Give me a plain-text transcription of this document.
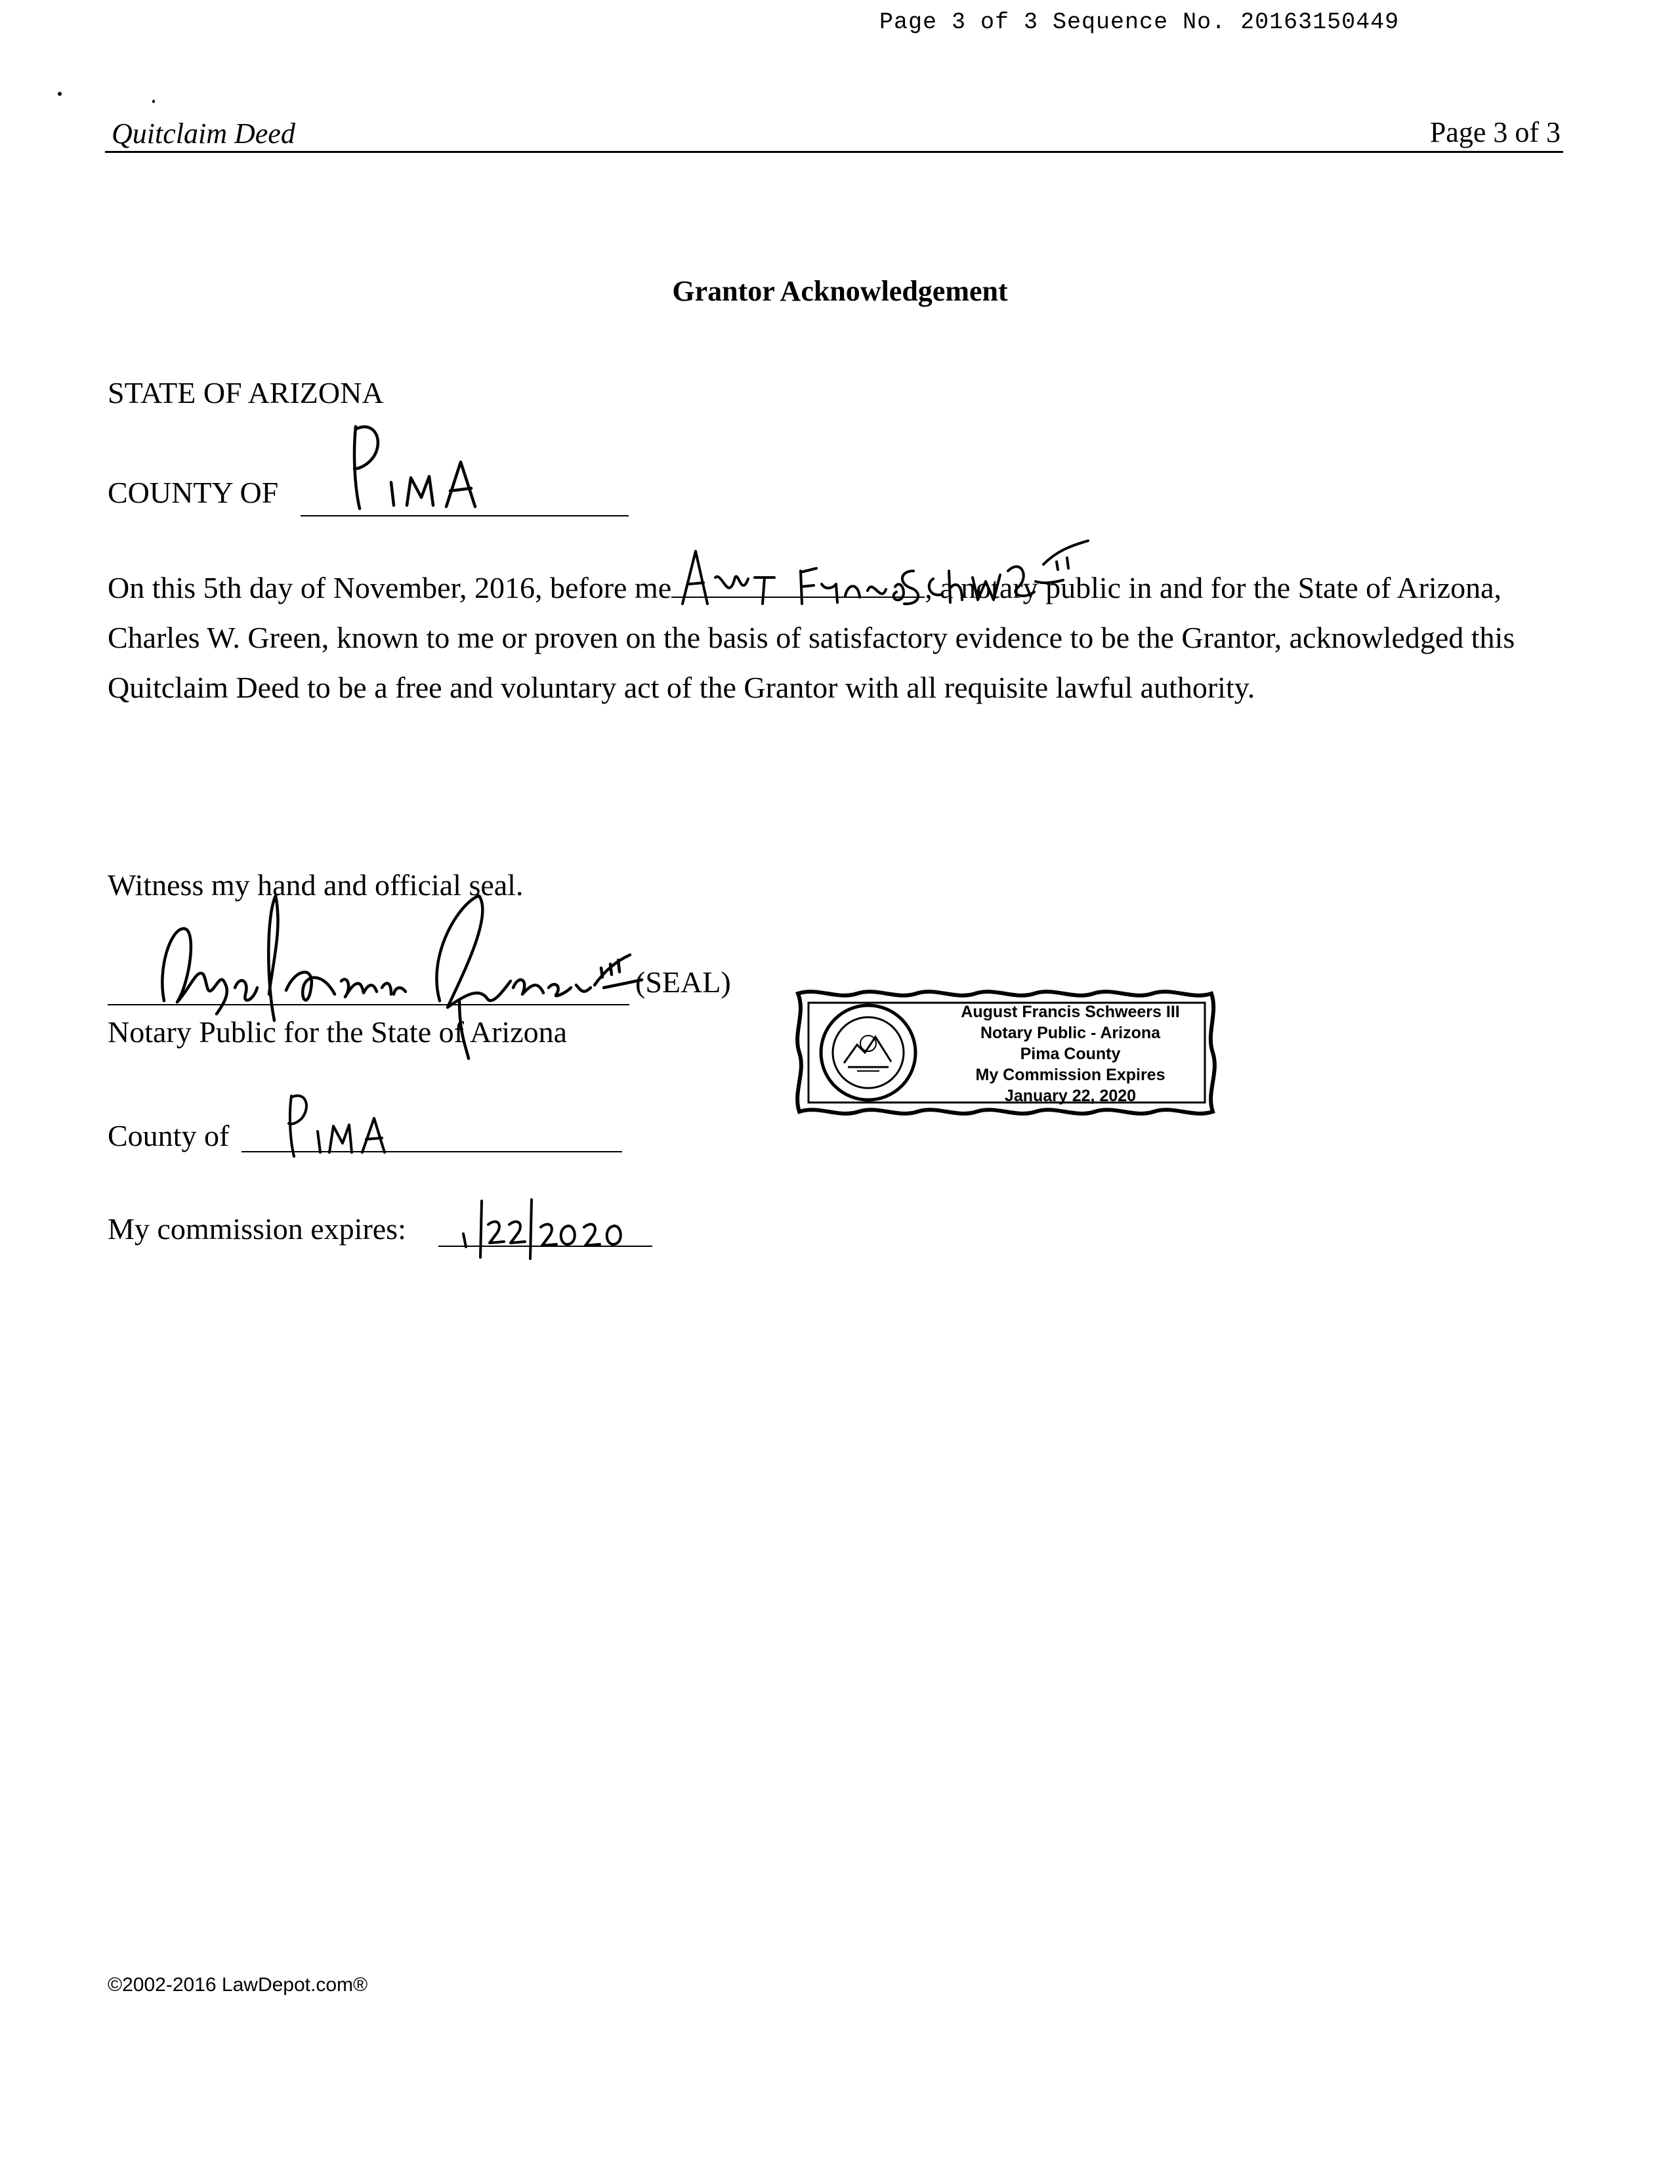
Page 3 of 3 Sequence No. 20163150449
Quitclaim Deed	Page 3 of 3
Grantor Acknowledgement
STATE OF ARIZONA
COUNTY OF
On this 5th day of November, 2016, before me	, a notary public in and for the State of Arizona, Charles W. Green, known to me or proven on the basis of satisfactory evidence to be the Grantor, acknowledged this Quitclaim Deed to be a free and voluntary act of the Grantor with all requisite lawful authority.
Witness my hand and official seal.
(SEAL)
Notary Public for the State of Arizona
County of
My commission expires:
August Francis Schweers III
Notary Public - Arizona
Pima County
My Commission Expires
January 22, 2020
©2002-2016 LawDepot.com®
